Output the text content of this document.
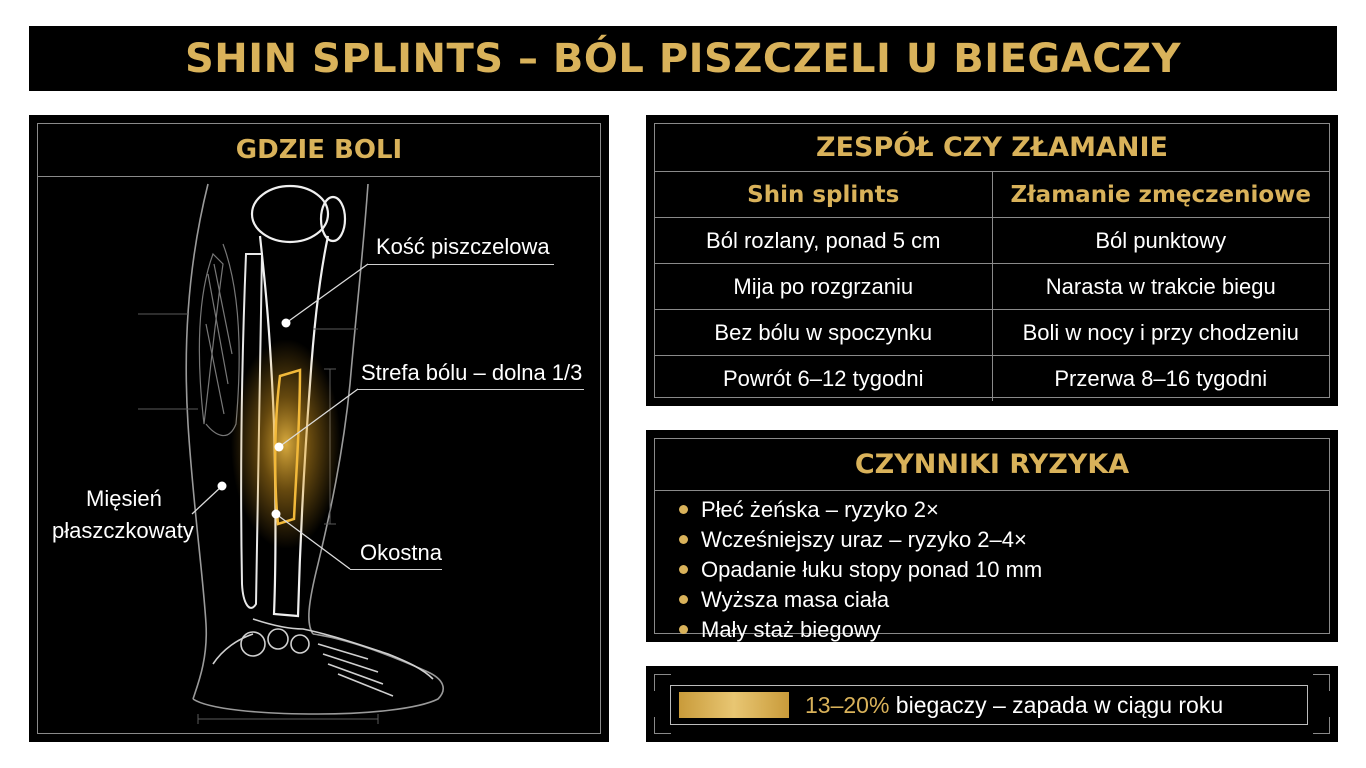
SHIN SPLINTS – BÓL PISZCZELI U BIEGACZY
GDZIE BOLI
Kość piszczelowa
Strefa bólu – dolna 1/3
Mięsień
płaszczkowaty
Okostna
ZESPÓŁ CZY ZŁAMANIE
Shin splints	Złamanie zmęczeniowe
Ból rozlany, ponad 5 cm	Ból punktowy
Mija po rozgrzaniu	Narasta w trakcie biegu
Bez bólu w spoczynku	Boli w nocy i przy chodzeniu
Powrót 6–12 tygodni	Przerwa 8–16 tygodni
CZYNNIKI RYZYKA
Płeć żeńska – ryzyko 2×
Wcześniejszy uraz – ryzyko 2–4×
Opadanie łuku stopy ponad 10 mm
Wyższa masa ciała
Mały staż biegowy
13–20% biegaczy – zapada w ciągu roku
